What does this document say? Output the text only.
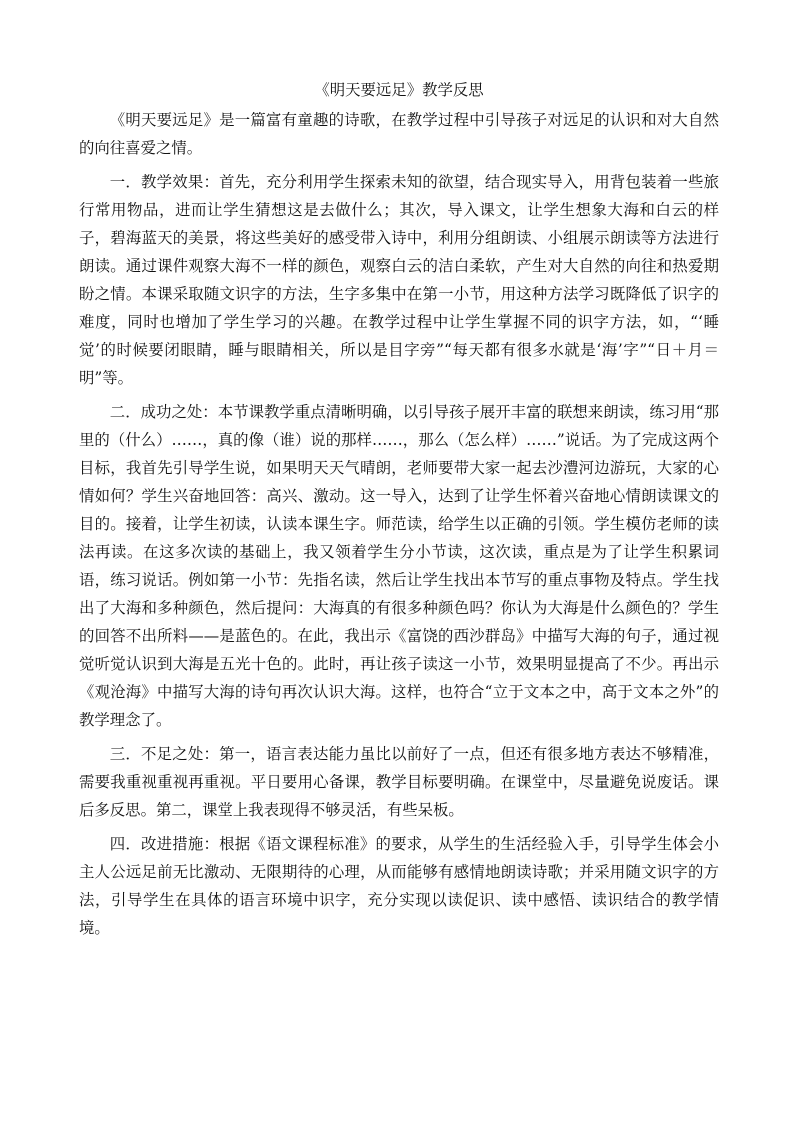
《明天要远足》教学反思

《明天要远足》是一篇富有童趣的诗歌，在教学过程中引导孩子对远足的认识和对大自然的向往喜爱之情。

一．教学效果：首先，充分利用学生探索未知的欲望，结合现实导入，用背包装着一些旅行常用物品，进而让学生猜想这是去做什么；其次，导入课文，让学生想象大海和白云的样子，碧海蓝天的美景，将这些美好的感受带入诗中，利用分组朗读、小组展示朗读等方法进行朗读。通过课件观察大海不一样的颜色，观察白云的洁白柔软，产生对大自然的向往和热爱期盼之情。本课采取随文识字的方法，生字多集中在第一小节，用这种方法学习既降低了识字的难度，同时也增加了学生学习的兴趣。在教学过程中让学生掌握不同的识字方法，如，“‘睡觉’的时候要闭眼睛，睡与眼睛相关，所以是目字旁”“每天都有很多水就是‘海’字”“日＋月＝明”等。

二．成功之处：本节课教学重点清晰明确，以引导孩子展开丰富的联想来朗读，练习用“那里的（什么）……，真的像（谁）说的那样……，那么（怎么样）……”说话。为了完成这两个目标，我首先引导学生说，如果明天天气晴朗，老师要带大家一起去沙澧河边游玩，大家的心情如何？学生兴奋地回答：高兴、激动。这一导入，达到了让学生怀着兴奋地心情朗读课文的目的。接着，让学生初读，认读本课生字。师范读，给学生以正确的引领。学生模仿老师的读法再读。在这多次读的基础上，我又领着学生分小节读，这次读，重点是为了让学生积累词语，练习说话。例如第一小节：先指名读，然后让学生找出本节写的重点事物及特点。学生找出了大海和多种颜色，然后提问：大海真的有很多种颜色吗？你认为大海是什么颜色的？学生的回答不出所料——是蓝色的。在此，我出示《富饶的西沙群岛》中描写大海的句子，通过视觉听觉认识到大海是五光十色的。此时，再让孩子读这一小节，效果明显提高了不少。再出示《观沧海》中描写大海的诗句再次认识大海。这样，也符合“立于文本之中，高于文本之外”的教学理念了。

三．不足之处：第一，语言表达能力虽比以前好了一点，但还有很多地方表达不够精准，需要我重视重视再重视。平日要用心备课，教学目标要明确。在课堂中，尽量避免说废话。课后多反思。第二，课堂上我表现得不够灵活，有些呆板。

四．改进措施：根据《语文课程标准》的要求，从学生的生活经验入手，引导学生体会小主人公远足前无比激动、无限期待的心理，从而能够有感情地朗读诗歌；并采用随文识字的方法，引导学生在具体的语言环境中识字，充分实现以读促识、读中感悟、读识结合的教学情境。
